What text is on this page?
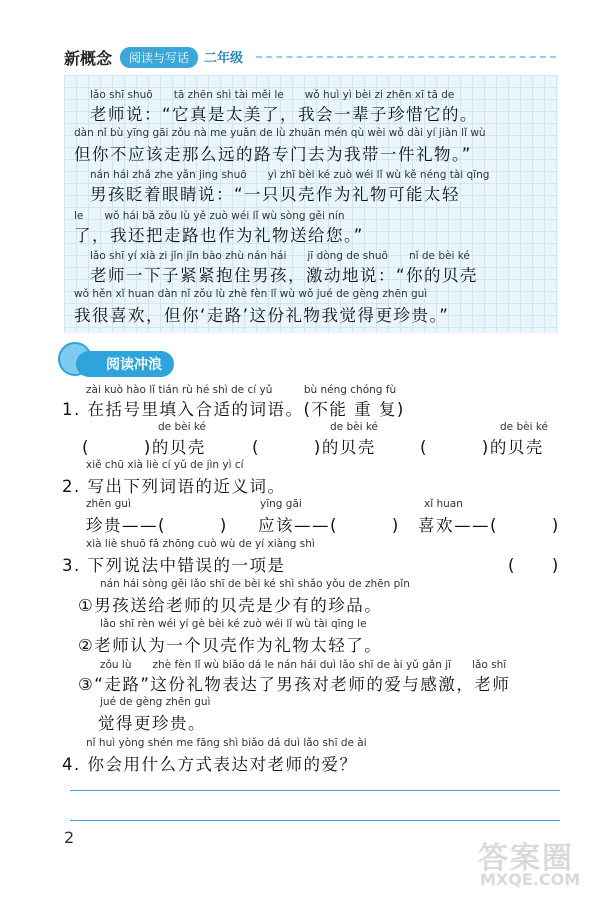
新概念	阅读与写话	二年级
lǎo shī shuō　　tā zhēn shì tài měi le　　wǒ huì yì bèi zi zhēn xī tā de
老师说：“它真是太美了，我会一辈子珍惜它的。
dàn nǐ bù yīng gāi zǒu nà me yuǎn de lù zhuān mén qù wèi wǒ dài yí jiàn lǐ wù
但你不应该走那么远的路专门去为我带一件礼物。”
nán hái zhǎ zhe yǎn jing shuō　　yì zhī bèi ké zuò wéi lǐ wù kě néng tài qīng
男孩眨着眼睛说：“一只贝壳作为礼物可能太轻
le　　wǒ hái bǎ zǒu lù yě zuò wéi lǐ wù sòng gěi nín
了，我还把走路也作为礼物送给您。”
lǎo shī yí xià zi jǐn jǐn bào zhù nán hái　　jī dòng de shuō　　nǐ de bèi ké
老师一下子紧紧抱住男孩，激动地说：“你的贝壳
wǒ hěn xǐ huan dàn nǐ zǒu lù zhè fèn lǐ wù wǒ jué de gèng zhēn guì
我很喜欢，但你‘走路’这份礼物我觉得更珍贵。”
阅读冲浪
zài kuò hào lǐ tián rù hé shì de cí yǔ　　　bù néng chóng fù
1. 在括号里填入合适的词语。(不能 重 复)
de bèi ké	de bèi ké	de bèi ké
(　　　)的贝壳	(　　　)的贝壳	(　　　)的贝壳
xiě chū xià liè cí yǔ de jìn yì cí
2. 写出下列词语的近义词。
zhēn guì	yīng gāi	xǐ huan
珍贵——(　　　)	应该——(　　　)	喜欢——(　　　)
xià liè shuō fǎ zhōng cuò wù de yí xiàng shì
3. 下列说法中错误的一项是	(　　)
nán hái sòng gěi lǎo shī de bèi ké shì shǎo yǒu de zhēn pǐn
①男孩送给老师的贝壳是少有的珍品。
lǎo shī rèn wéi yí gè bèi ké zuò wéi lǐ wù tài qīng le
②老师认为一个贝壳作为礼物太轻了。
zǒu lù　　zhè fèn lǐ wù biǎo dá le nán hái duì lǎo shī de ài yǔ gǎn jī　　lǎo shī
③“走路”这份礼物表达了男孩对老师的爱与感激，老师
jué de gèng zhēn guì
觉得更珍贵。
nǐ huì yòng shén me fāng shì biǎo dá duì lǎo shī de ài
4. 你会用什么方式表达对老师的爱？
2
答案圈
MXQE.COM
